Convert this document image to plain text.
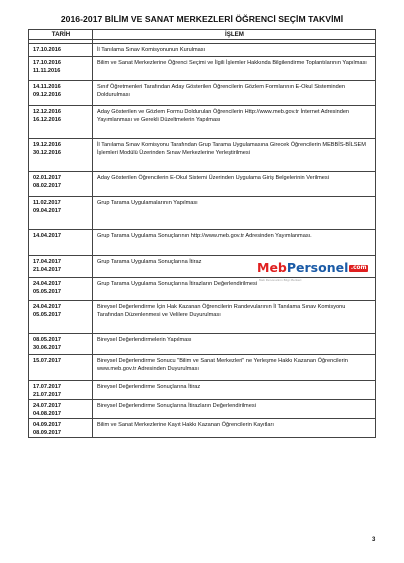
2016-2017 BİLİM VE SANAT MERKEZLERİ ÖĞRENCİ SEÇİM TAKVİMİ
TARİH	İŞLEM

17.10.2016	İl Tanılama Sınav Komisyonunun Kurulması

17.10.2016
11.11.2016	Bilim ve Sanat Merkezlerine Öğrenci Seçimi ve İlgili İşlemler Hakkında Bilgilendirme Toplantılarının Yapılması

14.11.2016
09.12.2016	Sınıf Öğretmenleri Tarafından Aday Gösterilen Öğrencilerin Gözlem Formlarının E-Okul Sisteminden Doldurulması

12.12.2016
16.12.2016	Aday Gösterilen ve Gözlem Formu Doldurulan Öğrencilerin Http://www.meb.gov.tr İnternet Adresinden Yayımlanması ve Gerekli Düzeltmelerin Yapılması

19.12.2016
30.12.2016	İl Tanılama Sınav Komisyonu Tarafından Grup Tarama Uygulamasına Girecek Öğrencilerin MEBBİS-BİLSEM İşlemleri Modülü Üzerinden Sınav Merkezlerine Yerleştirilmesi

02.01.2017
08.02.2017	Aday Gösterilen Öğrencilerin E-Okul Sistemi Üzerinden Uygulama Giriş Belgelerinin Verilmesi

11.02.2017
09.04.2017	Grup Tarama Uygulamalarının Yapılması

14.04.2017	Grup Tarama Uygulama Sonuçlarının http://www.meb.gov.tr Adresinden Yayımlanması.

17.04.2017
21.04.2017	Grup Tarama Uygulama Sonuçlarına İtiraz

24.04.2017
05.05.2017	Grup Tarama Uygulama Sonuçlarına İtirazların Değerlendirilmesi

24.04.2017
05.05.2017	Bireysel Değerlendirme İçin Hak Kazanan Öğrencilerin Randevularının İl Tanılama Sınav Komisyonu Tarafından Düzenlenmesi ve Velilere Duyurulması

08.05.2017
30.06.2017	Bireysel Değerlendirmelerin Yapılması

15.07.2017	Bireysel Değerlendirme Sonucu "Bilim ve Sanat Merkezleri" ne Yerleşme Hakkı Kazanan Öğrencilerin www.meb.gov.tr Adresinden Duyurulması

17.07.2017
21.07.2017	Bireysel Değerlendirme Sonuçlarına İtiraz

24.07.2017
04.08.2017	Bireysel Değerlendirme Sonuçlarına İtirazların Değerlendirilmesi

04.09.2017
08.09.2017	Bilim ve Sanat Merkezlerine Kayıt Hakkı Kazanan Öğrencilerin Kayıtları
MebPersonel .com
Meb Personelinin Bilgi Merkezi
3
